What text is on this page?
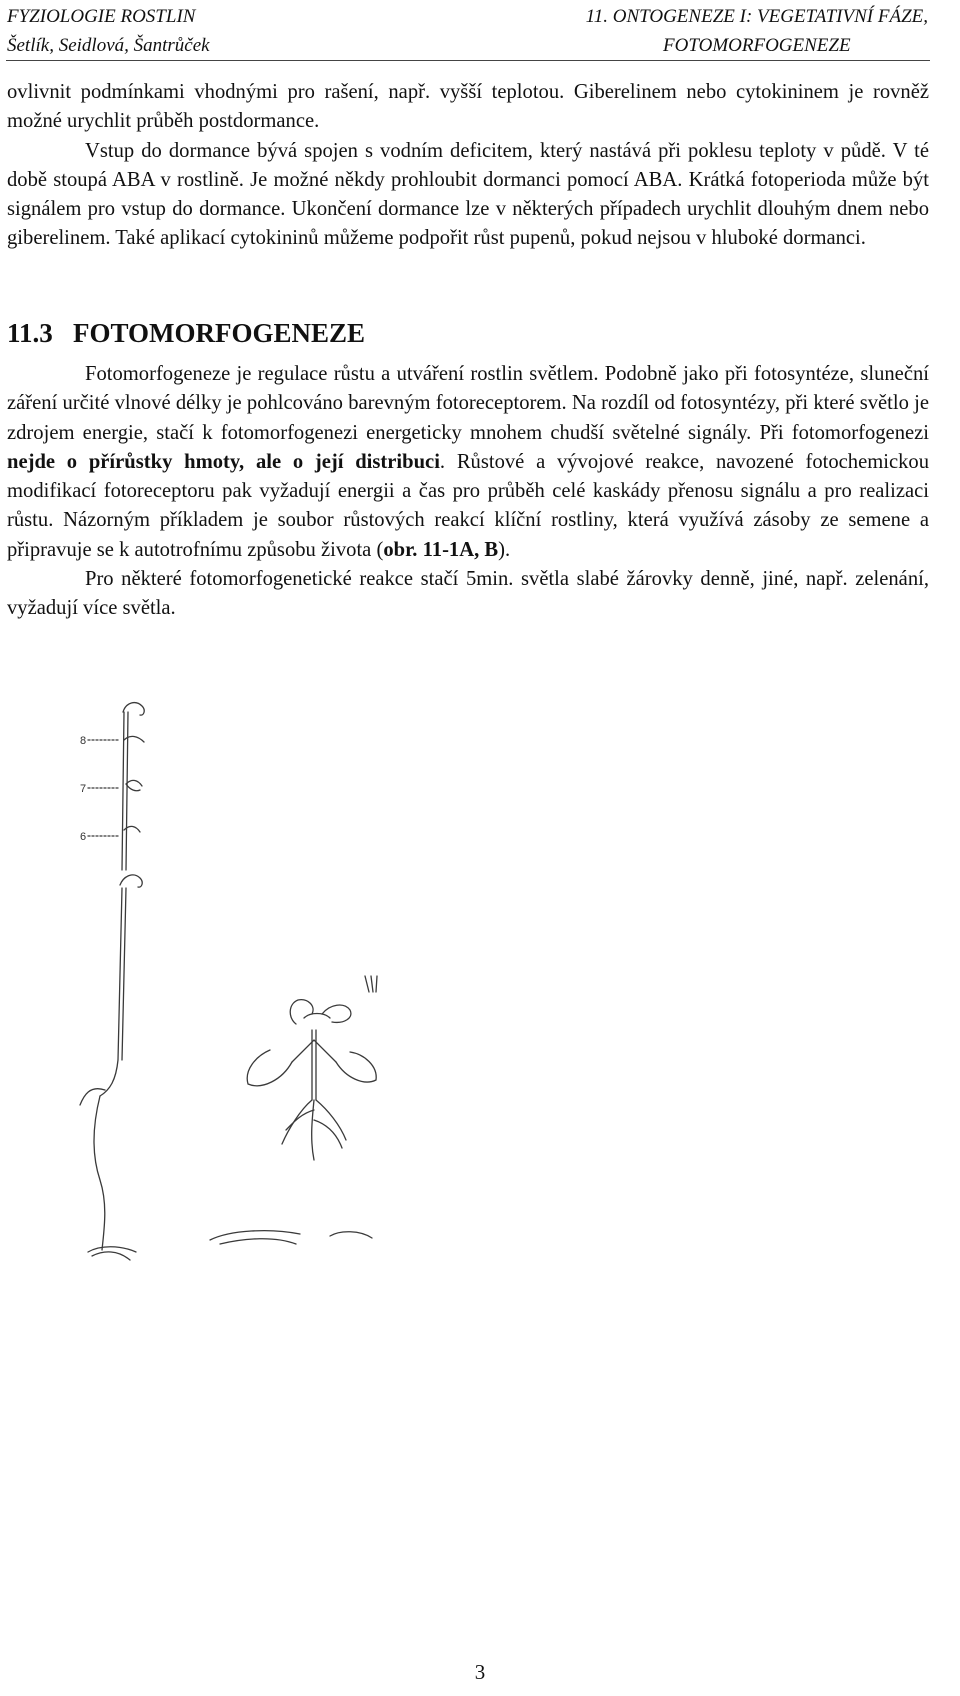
FYZIOLOGIE ROSTLIN
Šetlík, Seidlová, Šantrůček
11. ONTOGENEZE I: VEGETATIVNÍ FÁZE,
FOTOMORFOGENEZE

ovlivnit podmínkami vhodnými pro rašení, např. vyšší teplotou. Giberelinem nebo cytokininem je rovněž možné urychlit průběh postdormance.

Vstup do dormance bývá spojen s vodním deficitem, který nastává při poklesu teploty v půdě. V té době stoupá ABA v rostlině. Je možné někdy prohloubit dormanci pomocí ABA. Krátká fotoperioda může být signálem pro vstup do dormance. Ukončení dormance lze v některých případech urychlit dlouhým dnem nebo giberelinem. Také aplikací cytokininů můžeme podpořit růst pupenů, pokud nejsou v hluboké dormanci.

11.3 FOTOMORFOGENEZE

Fotomorfogeneze je regulace růstu a utváření rostlin světlem. Podobně jako při fotosyntéze, sluneční záření určité vlnové délky je pohlcováno barevným fotoreceptorem. Na rozdíl od fotosyntézy, při které světlo je zdrojem energie, stačí k fotomorfogenezi energeticky mnohem chudší světelné signály. Při fotomorfogenezi nejde o přírůstky hmoty, ale o její distribuci. Růstové a vývojové reakce, navozené fotochemickou modifikací fotoreceptoru pak vyžadují energii a čas pro průběh celé kaskády přenosu signálu a pro realizaci růstu. Názorným příkladem je soubor růstových reakcí klíční rostliny, která využívá zásoby ze semene a připravuje se k autotrofnímu způsobu života (obr. 11-1A, B).

Pro některé fotomorfogenetické reakce stačí 5min. světla slabé žárovky denně, jiné, např. zelenání, vyžadují více světla.

8
7
6
3
